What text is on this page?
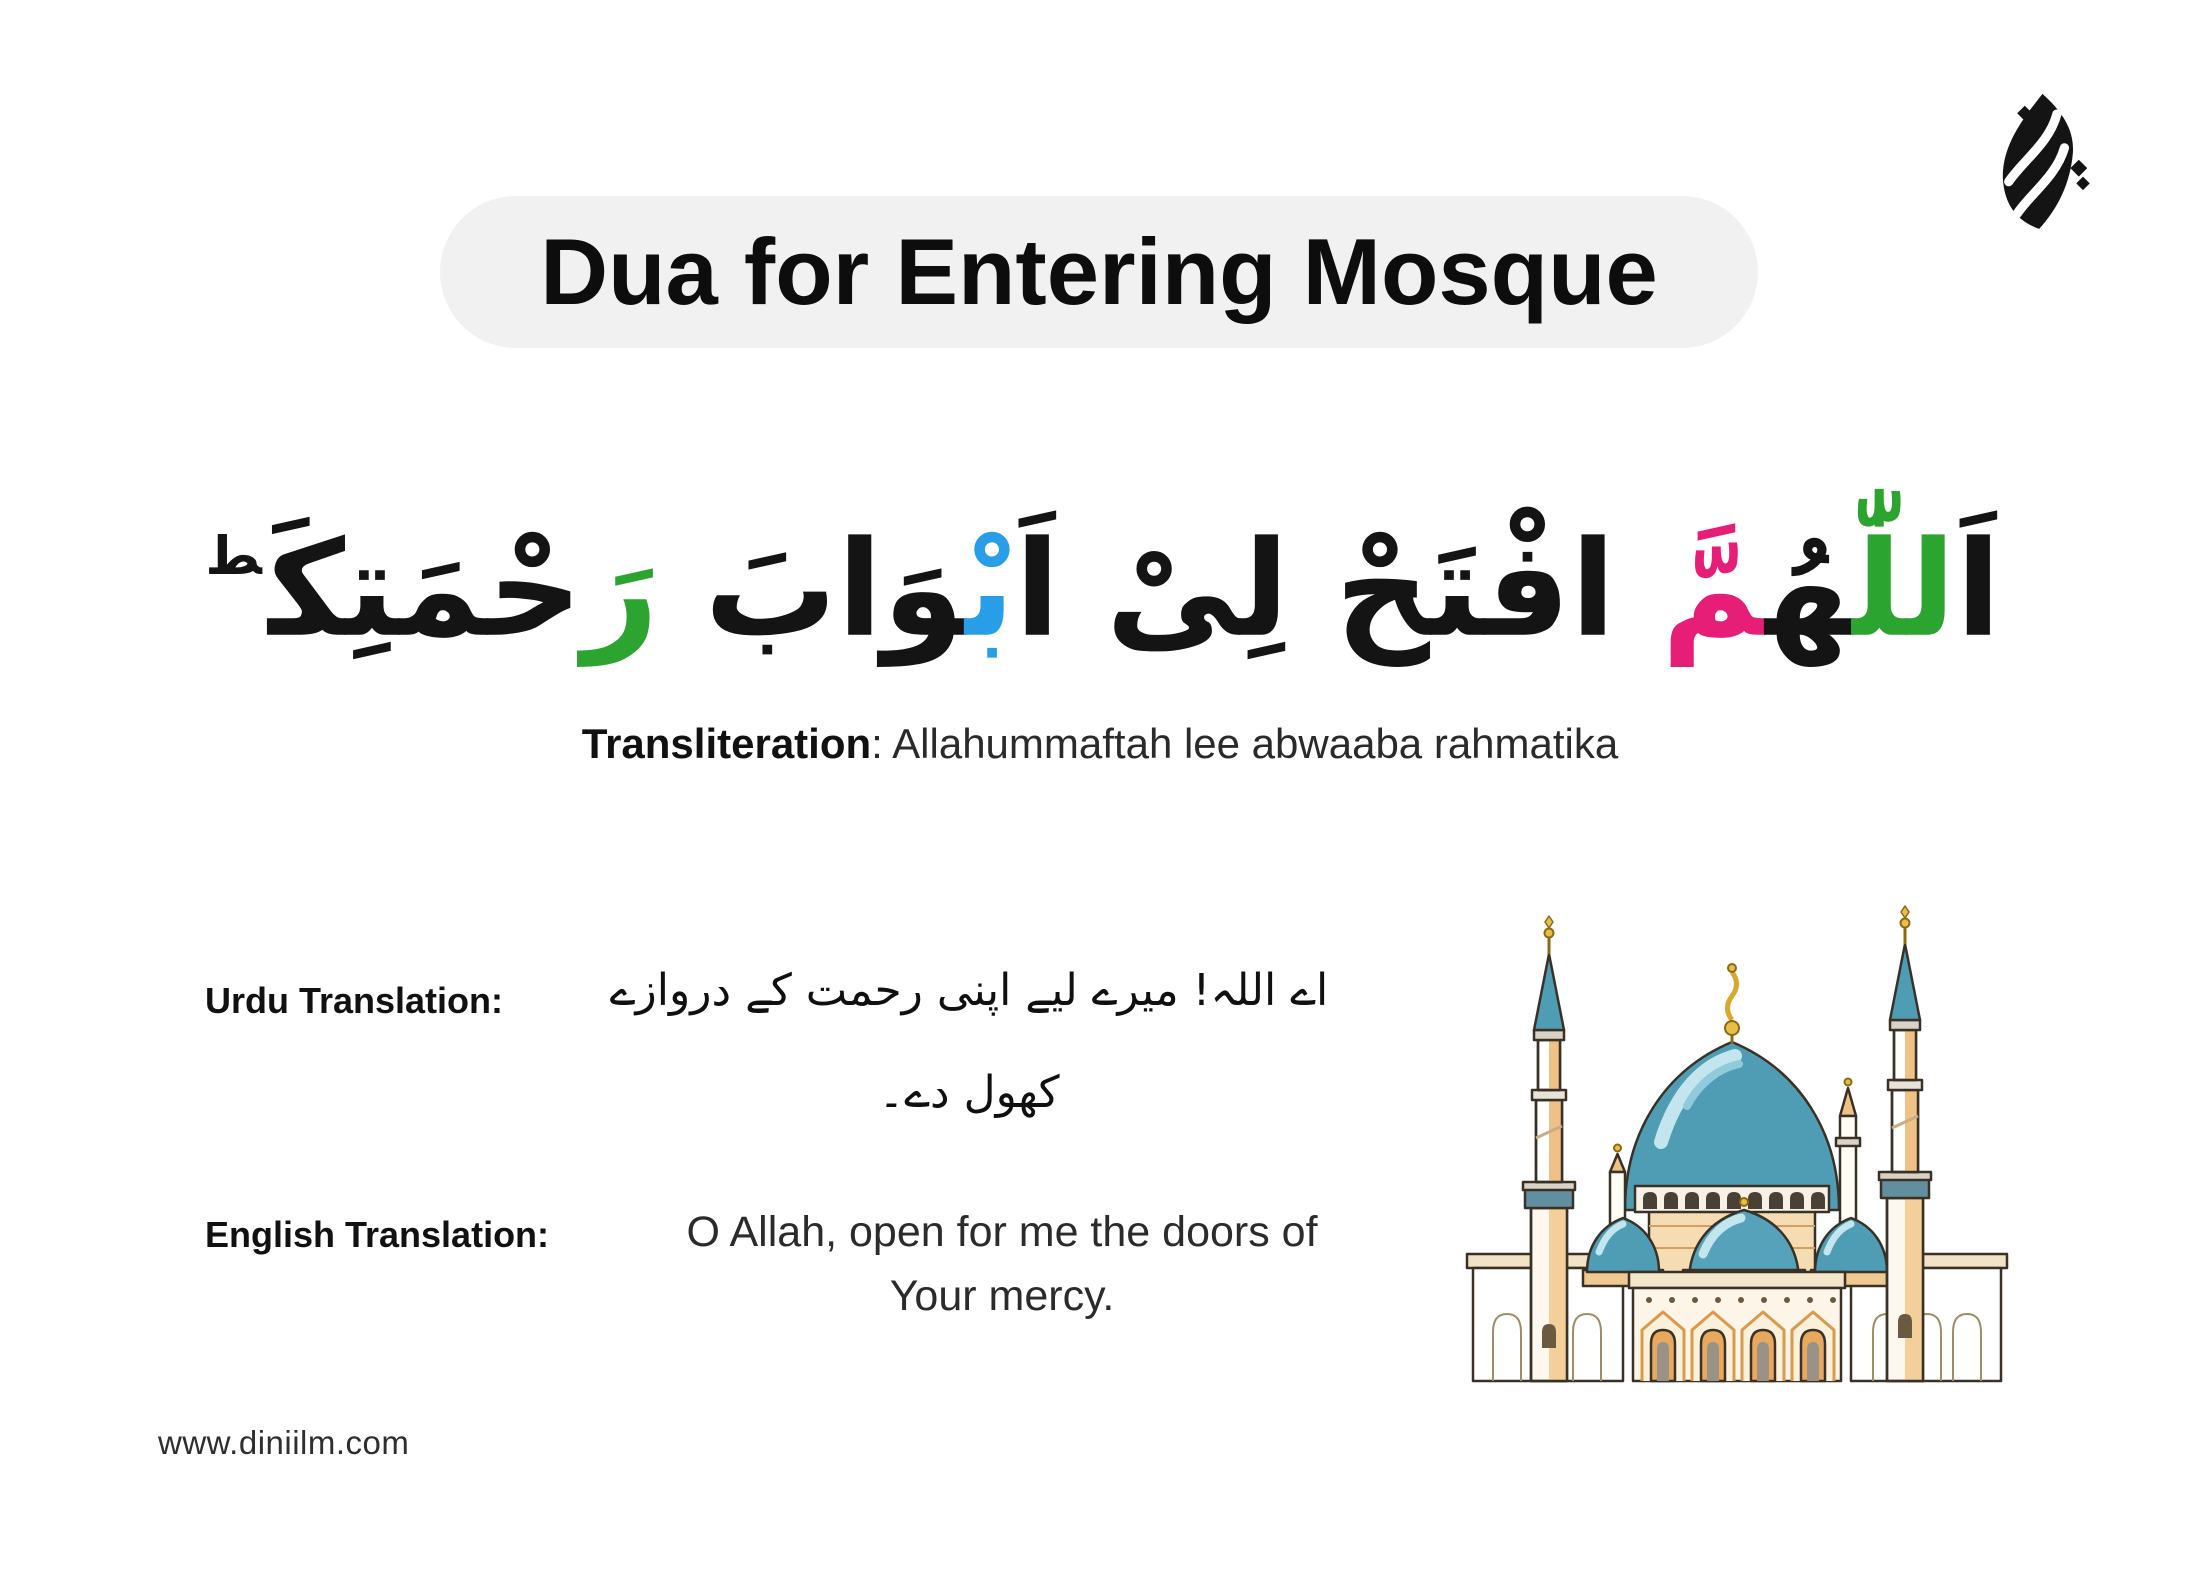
Dua for Entering Mosque
اَللّٰهُمَّ افْتَحْ لِىْ اَبْوَابَ رَحْمَتِكَ$^ط$
Transliteration: Allahummaftah lee abwaaba rahmatika
Urdu Translation:	اے اللہ! میرے لیے اپنی رحمت کے دروازے
کھول دے۔
English Translation:	O Allah, open for me the doors of Your mercy.
www.diniilm.com
